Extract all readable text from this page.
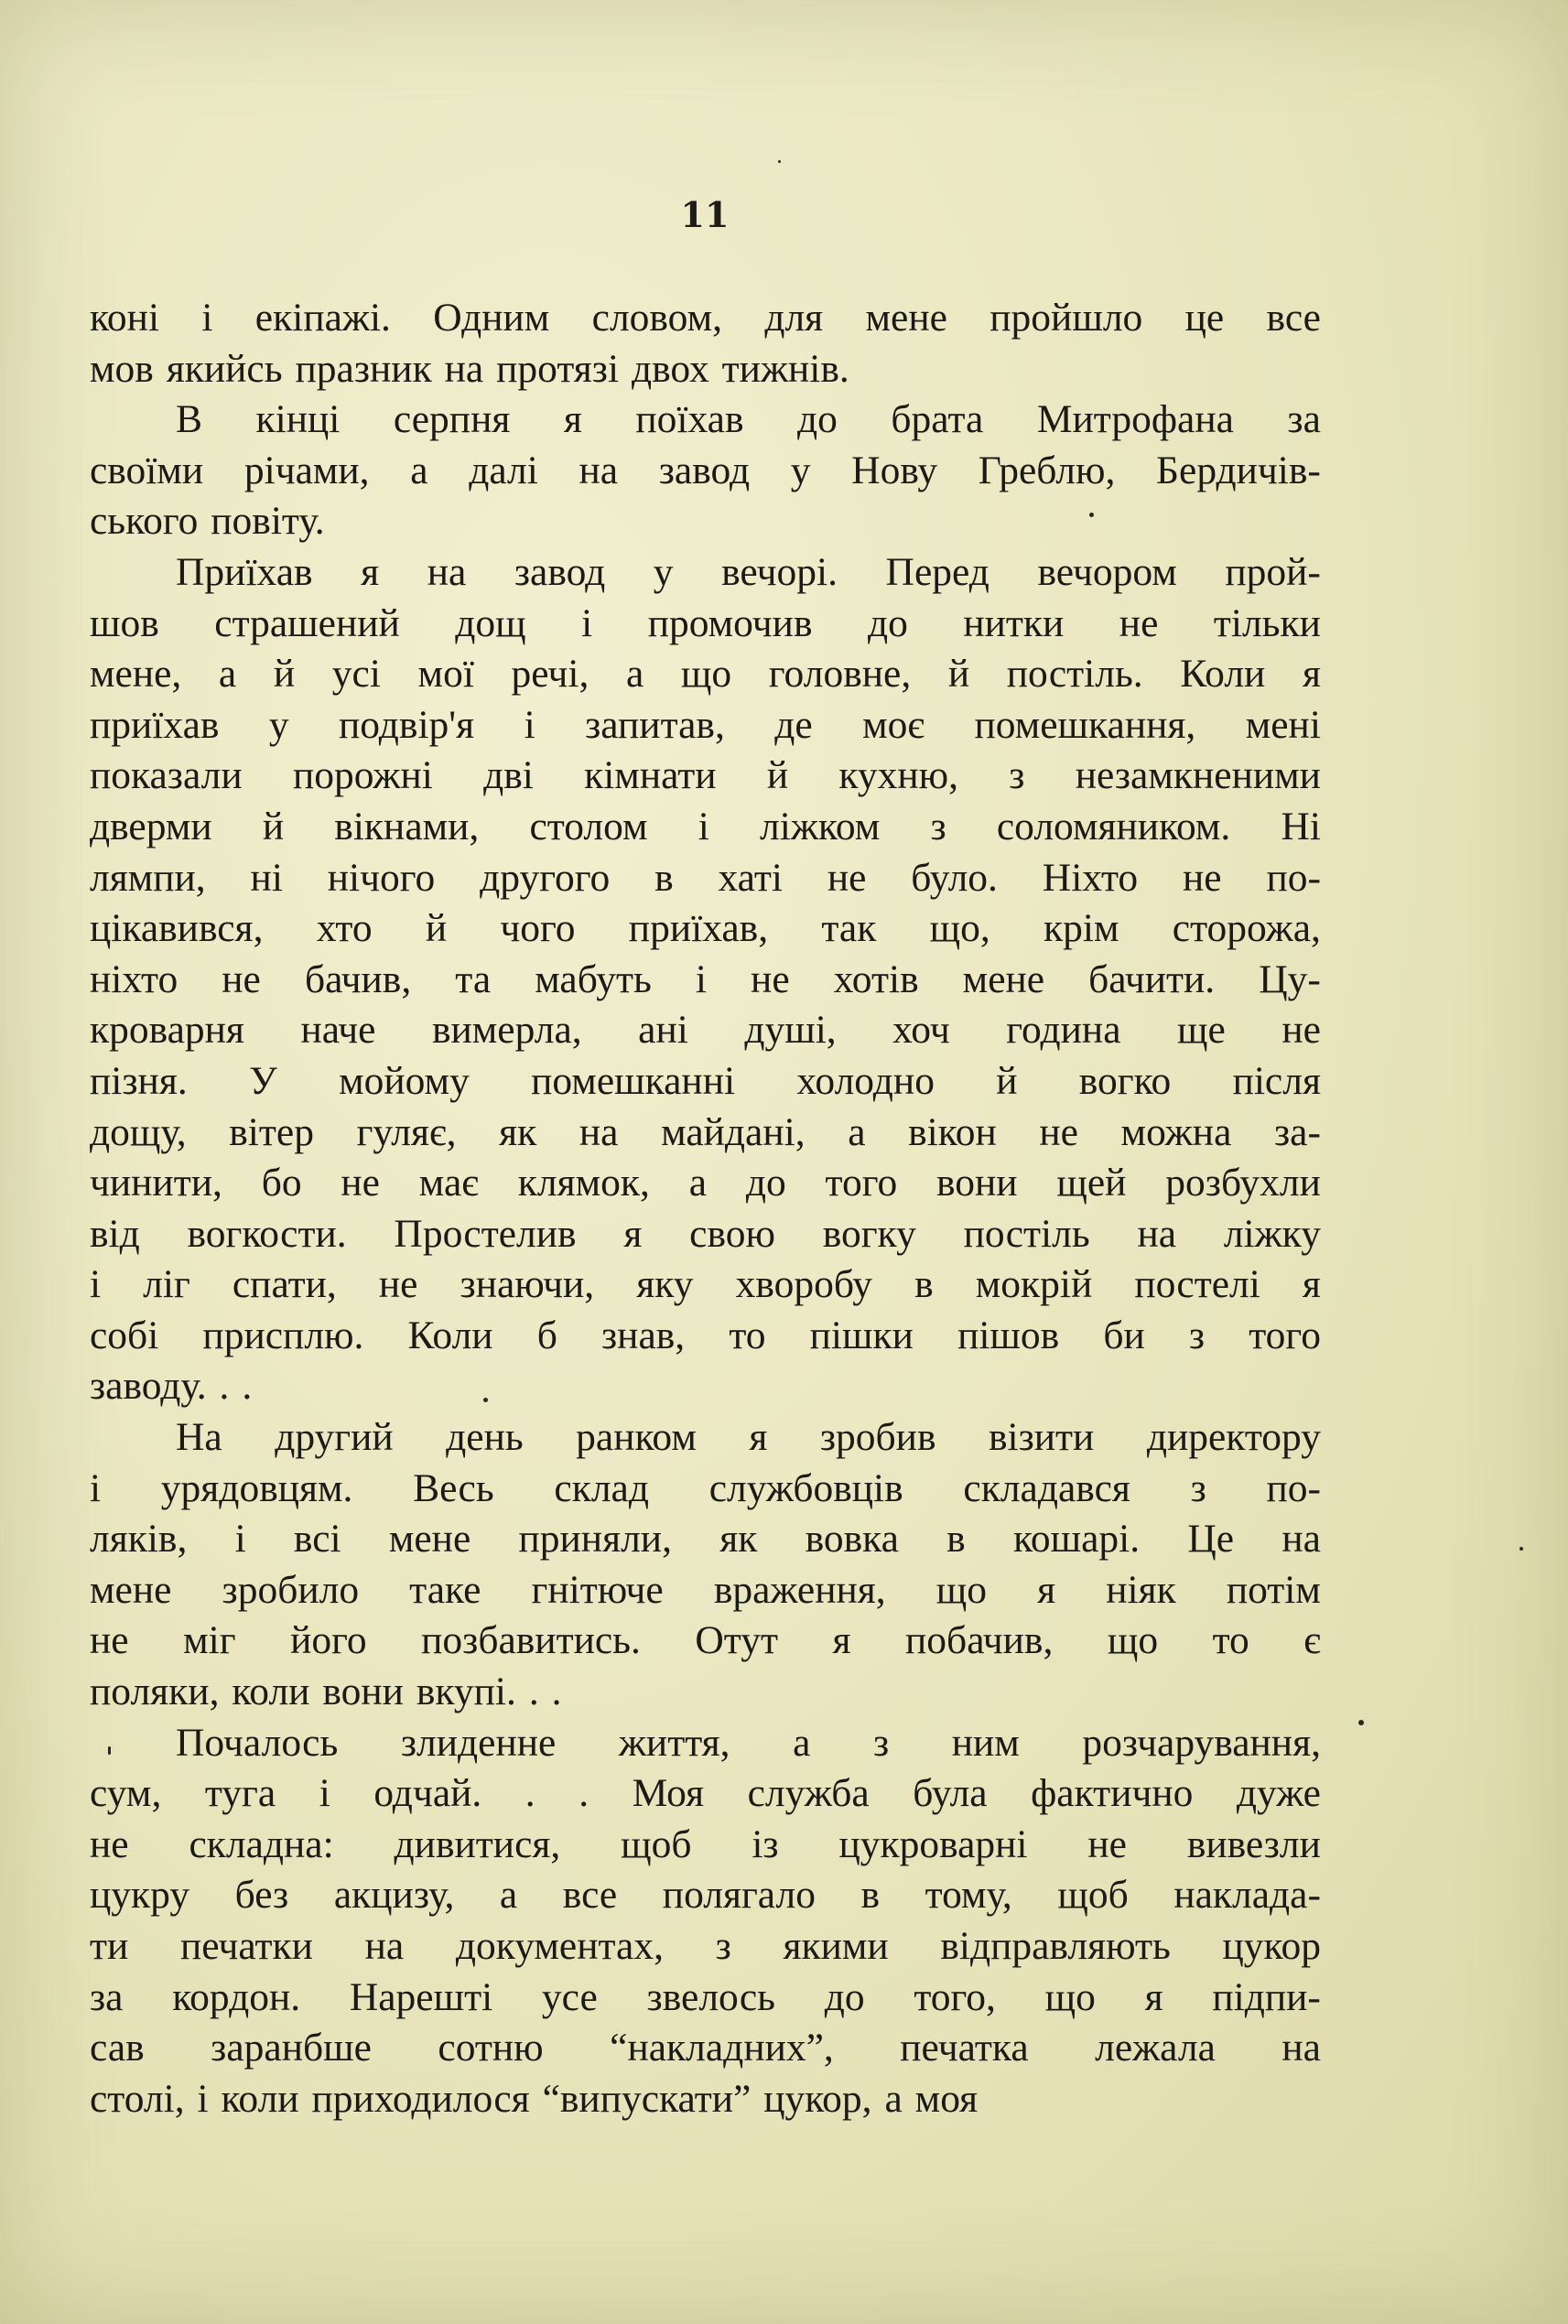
11
коні і екіпажі. Одним словом, для мене пройшло це все
мов якийсь празник на протязі двох тижнів.
В кінці серпня я поїхав до брата Митрофана за
своїми річами, а далі на завод у Нову Греблю, Бердичів-
ського повіту.
Приїхав я на завод у вечорі. Перед вечором прой-
шов страшений дощ і промочив до нитки не тільки
мене, а й усі мої речі, а що головне, й постіль. Коли я
приїхав у подвір'я і запитав, де моє помешкання, мені
показали порожні дві кімнати й кухню, з незамкненими
дверми й вікнами, столом і ліжком з соломяником. Ні
лямпи, ні нічого другого в хаті не було. Ніхто не по-
цікавився, хто й чого приїхав, так що, крім сторожа,
ніхто не бачив, та мабуть і не хотів мене бачити. Цу-
кроварня наче вимерла, ані душі, хоч година ще не
пізня. У мойому помешканні холодно й вогко після
дощу, вітер гуляє, як на майдані, а вікон не можна за-
чинити, бо не має клямок, а до того вони щей розбухли
від вогкости. Простелив я свою вогку постіль на ліжку
і ліг спати, не знаючи, яку хворобу в мокрій постелі я
собі присплю. Коли б знав, то пішки пішов би з того
заводу. . .
На другий день ранком я зробив візити директору
і урядовцям. Весь склад службовців складався з по-
ляків, і всі мене приняли, як вовка в кошарі. Це на
мене зробило таке гнітюче враження, що я ніяк потім
не міг його позбавитись. Отут я побачив, що то є
поляки, коли вони вкупі. . .
Почалось злиденне життя, а з ним розчарування,
сум, туга і одчай. . . Моя служба була фактично дуже
не складна: дивитися, щоб із цукроварні не вивезли
цукру без акцизу, а все полягало в тому, щоб наклада-
ти печатки на документах, з якими відправляють цукор
за кордон. Нарешті усе звелось до того, що я підпи-
сав заранбше сотню “накладних”, печатка лежала на
столі, і коли приходилося “випускати” цукор, а моя
